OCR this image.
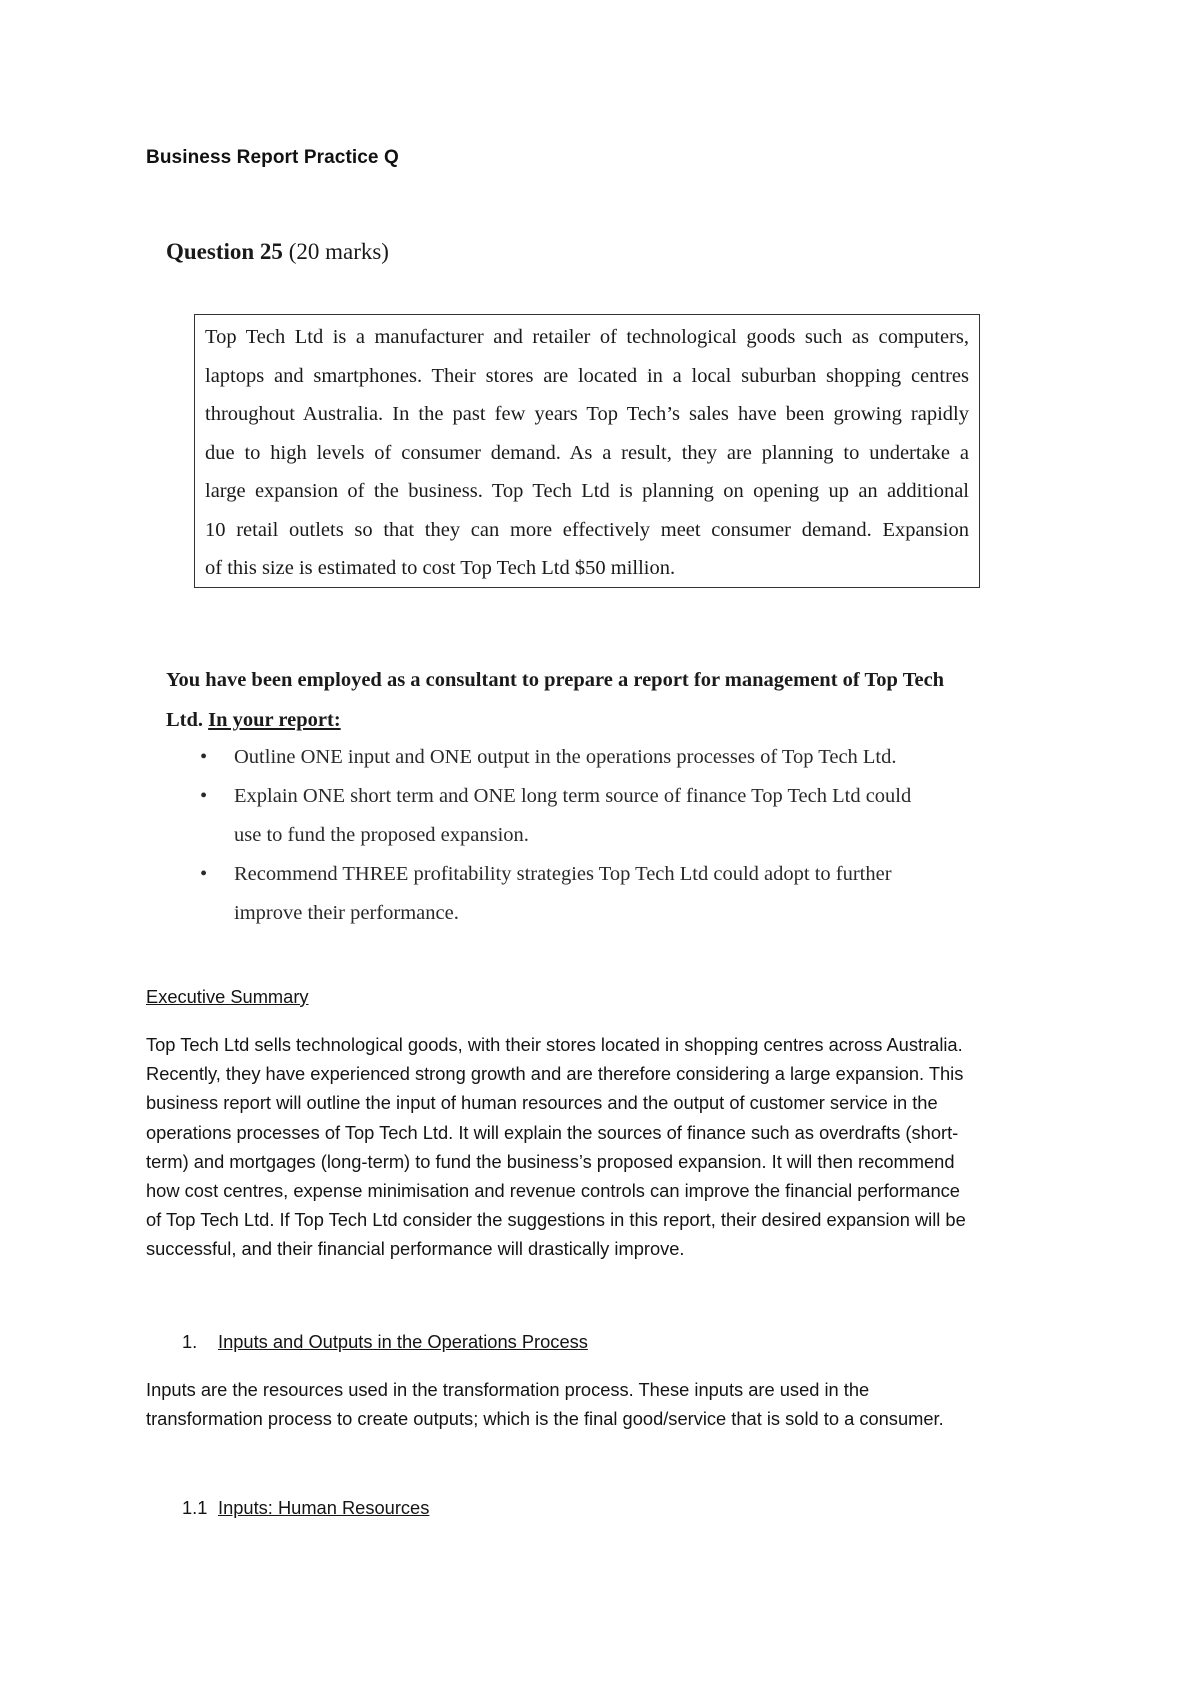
Business Report Practice Q
Question 25 (20 marks)
Top Tech Ltd is a manufacturer and retailer of technological goods such as computers,
laptops and smartphones. Their stores are located in a local suburban shopping centres
throughout Australia. In the past few years Top Tech’s sales have been growing rapidly
due to high levels of consumer demand. As a result, they are planning to undertake a
large expansion of the business. Top Tech Ltd is planning on opening up an additional
10 retail outlets so that they can more effectively meet consumer demand. Expansion
of this size is estimated to cost Top Tech Ltd $50 million.
You have been employed as a consultant to prepare a report for management of Top Tech
Ltd. In your report:
•	Outline ONE input and ONE output in the operations processes of Top Tech Ltd.
•	Explain ONE short term and ONE long term source of finance Top Tech Ltd could
use to fund the proposed expansion.
•	Recommend THREE profitability strategies Top Tech Ltd could adopt to further
improve their performance.
Executive Summary

Top Tech Ltd sells technological goods, with their stores located in shopping centres across Australia.
Recently, they have experienced strong growth and are therefore considering a large expansion. This
business report will outline the input of human resources and the output of customer service in the
operations processes of Top Tech Ltd. It will explain the sources of finance such as overdrafts (short-
term) and mortgages (long-term) to fund the business’s proposed expansion. It will then recommend
how cost centres, expense minimisation and revenue controls can improve the financial performance
of Top Tech Ltd. If Top Tech Ltd consider the suggestions in this report, their desired expansion will be
successful, and their financial performance will drastically improve.

1. Inputs and Outputs in the Operations Process

Inputs are the resources used in the transformation process. These inputs are used in the
transformation process to create outputs; which is the final good/service that is sold to a consumer.

1.1 Inputs: Human Resources
